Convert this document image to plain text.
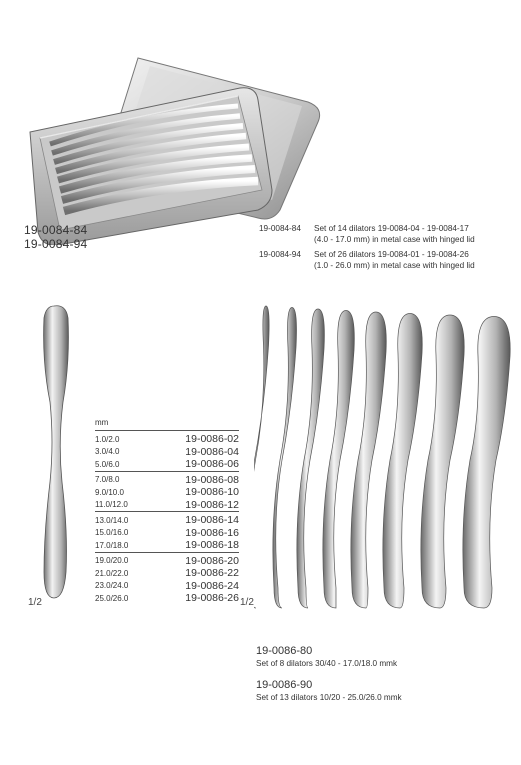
19-0084-84
19-0084-94
19-0084-84 Set of 14 dilators 19-0084-04 - 19-0084-17
(4.0 - 17.0 mm) in metal case with hinged lid
19-0084-94 Set of 26 dilators 19-0084-01 - 19-0084-26
(1.0 - 26.0 mm) in metal case with hinged lid
1/2
mm
1.0/2.0	19-0086-02
3.0/4.0	19-0086-04
5.0/6.0	19-0086-06
7.0/8.0	19-0086-08
9.0/10.0	19-0086-10
11.0/12.0	19-0086-12
13.0/14.0	19-0086-14
15.0/16.0	19-0086-16
17.0/18.0	19-0086-18
19.0/20.0	19-0086-20
21.0/22.0	19-0086-22
23.0/24.0	19-0086-24
25.0/26.0	19-0086-26 1/2
19-0086-80
Set of 8 dilators 30/40 - 17.0/18.0 mmk
19-0086-90
Set of 13 dilators 10/20 - 25.0/26.0 mmk
